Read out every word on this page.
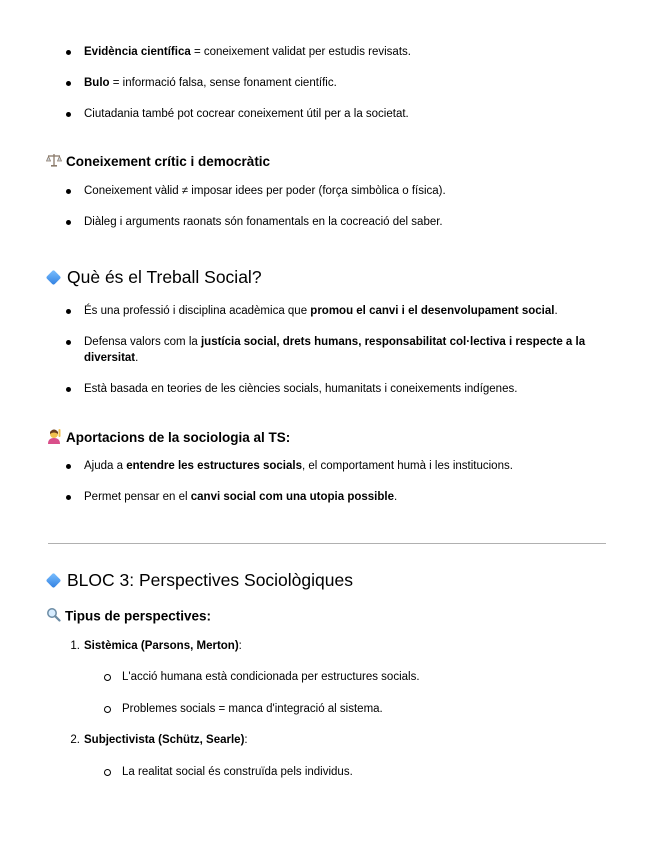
Evidència científica = coneixement validat per estudis revisats.
Bulo = informació falsa, sense fonament científic.
Ciutadania també pot cocrear coneixement útil per a la societat.
Coneixement crític i democràtic
Coneixement vàlid ≠ imposar idees per poder (força simbòlica o física).
Diàleg i arguments raonats són fonamentals en la cocreació del saber.
Què és el Treball Social?
És una professió i disciplina acadèmica que promou el canvi i el desenvolupament social.
Defensa valors com la justícia social, drets humans, responsabilitat col·lectiva i respecte a la diversitat.
Està basada en teories de les ciències socials, humanitats i coneixements indígenes.
Aportacions de la sociologia al TS:
Ajuda a entendre les estructures socials, el comportament humà i les institucions.
Permet pensar en el canvi social com una utopia possible.
BLOC 3: Perspectives Sociològiques
Tipus de perspectives:
1. Sistèmica (Parsons, Merton):
L'acció humana està condicionada per estructures socials.
Problemes socials = manca d'integració al sistema.
2. Subjectivista (Schütz, Searle):
La realitat social és construïda pels individus.
